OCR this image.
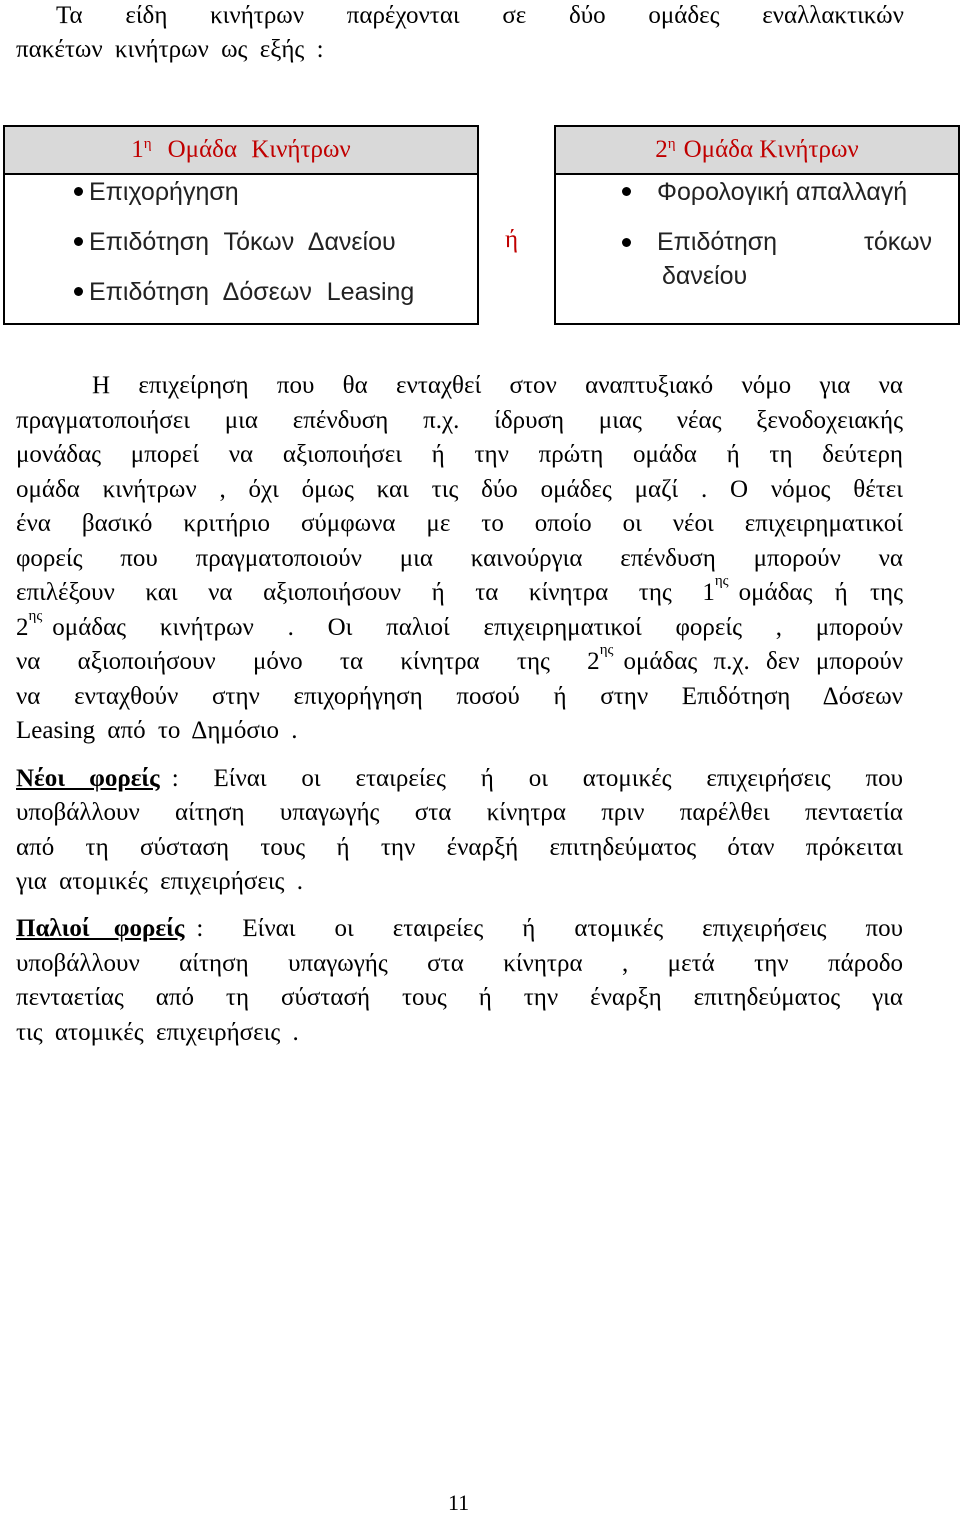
Τα είδη κινήτρων παρέχονται σε δύο ομάδες εναλλακτικών
πακέτων κινήτρων ως εξής :
$1^\eta$ Ομάδα Κινήτρων
Επιχορήγηση
Επιδότηση Τόκων Δανείου
Επιδότηση Δόσεων Leasing
ή
$2^\eta$ Ομάδα Κινήτρων
Φορολογική απαλλαγή
Επιδότηση τόκων
δανείου
Η επιχείρηση που θα ενταχθεί στον αναπτυξιακό νόμο για να
πραγματοποιήσει μια επένδυση π.χ. ίδρυση μιας νέας ξενοδοχειακής
μονάδας μπορεί να αξιοποιήσει ή την πρώτη ομάδα ή τη δεύτερη
ομάδα κινήτρων , όχι όμως και τις δύο ομάδες μαζί . Ο νόμος θέτει
ένα βασικό κριτήριο σύμφωνα με το οποίο οι νέοι επιχειρηματικοί
φορείς που πραγματοποιούν μια καινούργια επένδυση μπορούν να
επιλέξουν και να αξιοποιήσουν ή τα κίνητρα της $1^{\eta\varsigma}$ ομάδας ή της
$2^{\eta\varsigma}$ ομάδας κινήτρων . Οι παλιοί επιχειρηματικοί φορείς , μπορούν
να αξιοποιήσουν μόνο τα κίνητρα της $2^{\eta\varsigma}$ ομάδας π.χ. δεν μπορούν
να ενταχθούν στην επιχορήγηση ποσού ή στην Επιδότηση Δόσεων
Leasing από το Δημόσιο .
Νέοι φορείς : Είναι οι εταιρείες ή οι ατομικές επιχειρήσεις που
υποβάλλουν αίτηση υπαγωγής στα κίνητρα πριν παρέλθει πενταετία
από τη σύσταση τους ή την έναρξή επιτηδεύματος όταν πρόκειται
για ατομικές επιχειρήσεις .
Παλιοί φορείς : Είναι οι εταιρείες ή ατομικές επιχειρήσεις που
υποβάλλουν αίτηση υπαγωγής στα κίνητρα , μετά την πάροδο
πενταετίας από τη σύστασή τους ή την έναρξη επιτηδεύματος για
τις ατομικές επιχειρήσεις .
11
